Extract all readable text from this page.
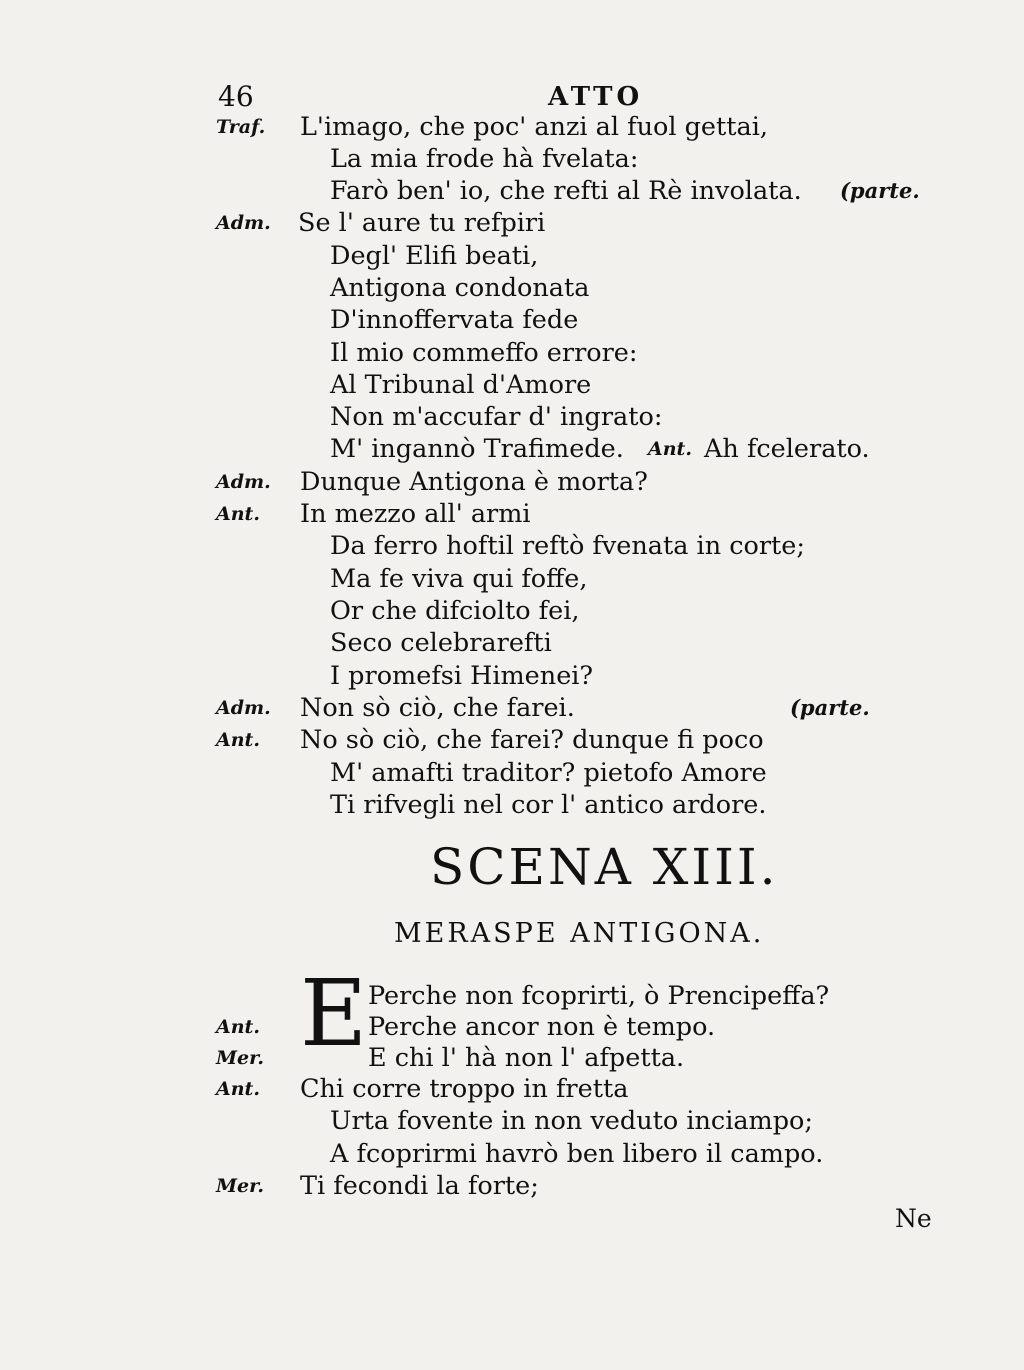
46	ATTO
Traf. L'imago, che poc' anzi al fuol gettai,
La mia frode hà fvelata:
Farò ben' io, che refti al Rè involata. (parte.
Adm. Se l' aure tu refpiri
Degl' Elifi beati,
Antigona condonata
D'innoffervata fede
Il mio commeffo errore:
Al Tribunal d'Amore
Non m'accufar d' ingrato:
M' ingannò Trafimede. Ant. Ah fcelerato.
Adm. Dunque Antigona è morta?
Ant. In mezzo all' armi
Da ferro hoftil reftò fvenata in corte;
Ma fe viva qui foffe,
Or che difciolto fei,
Seco celebrarefti
I promefsi Himenei?
Adm. Non sò ciò, che farei.	(parte.
Ant. No sò ciò, che farei? dunque fi poco
M' amafti traditor? pietofo Amore
Ti rifvegli nel cor l' antico ardore.
SCENA XIII.
MERASPE ANTIGONA.
E Perche non fcoprirti, ò Prencipeffa?
Ant.	Perche ancor non è tempo.
Mer.	E chi l' hà non l' afpetta.
Ant. Chi corre troppo in fretta
Urta fovente in non veduto inciampo;
A fcoprirmi havrò ben libero il campo.
Mer. Ti fecondi la forte;
Ne
